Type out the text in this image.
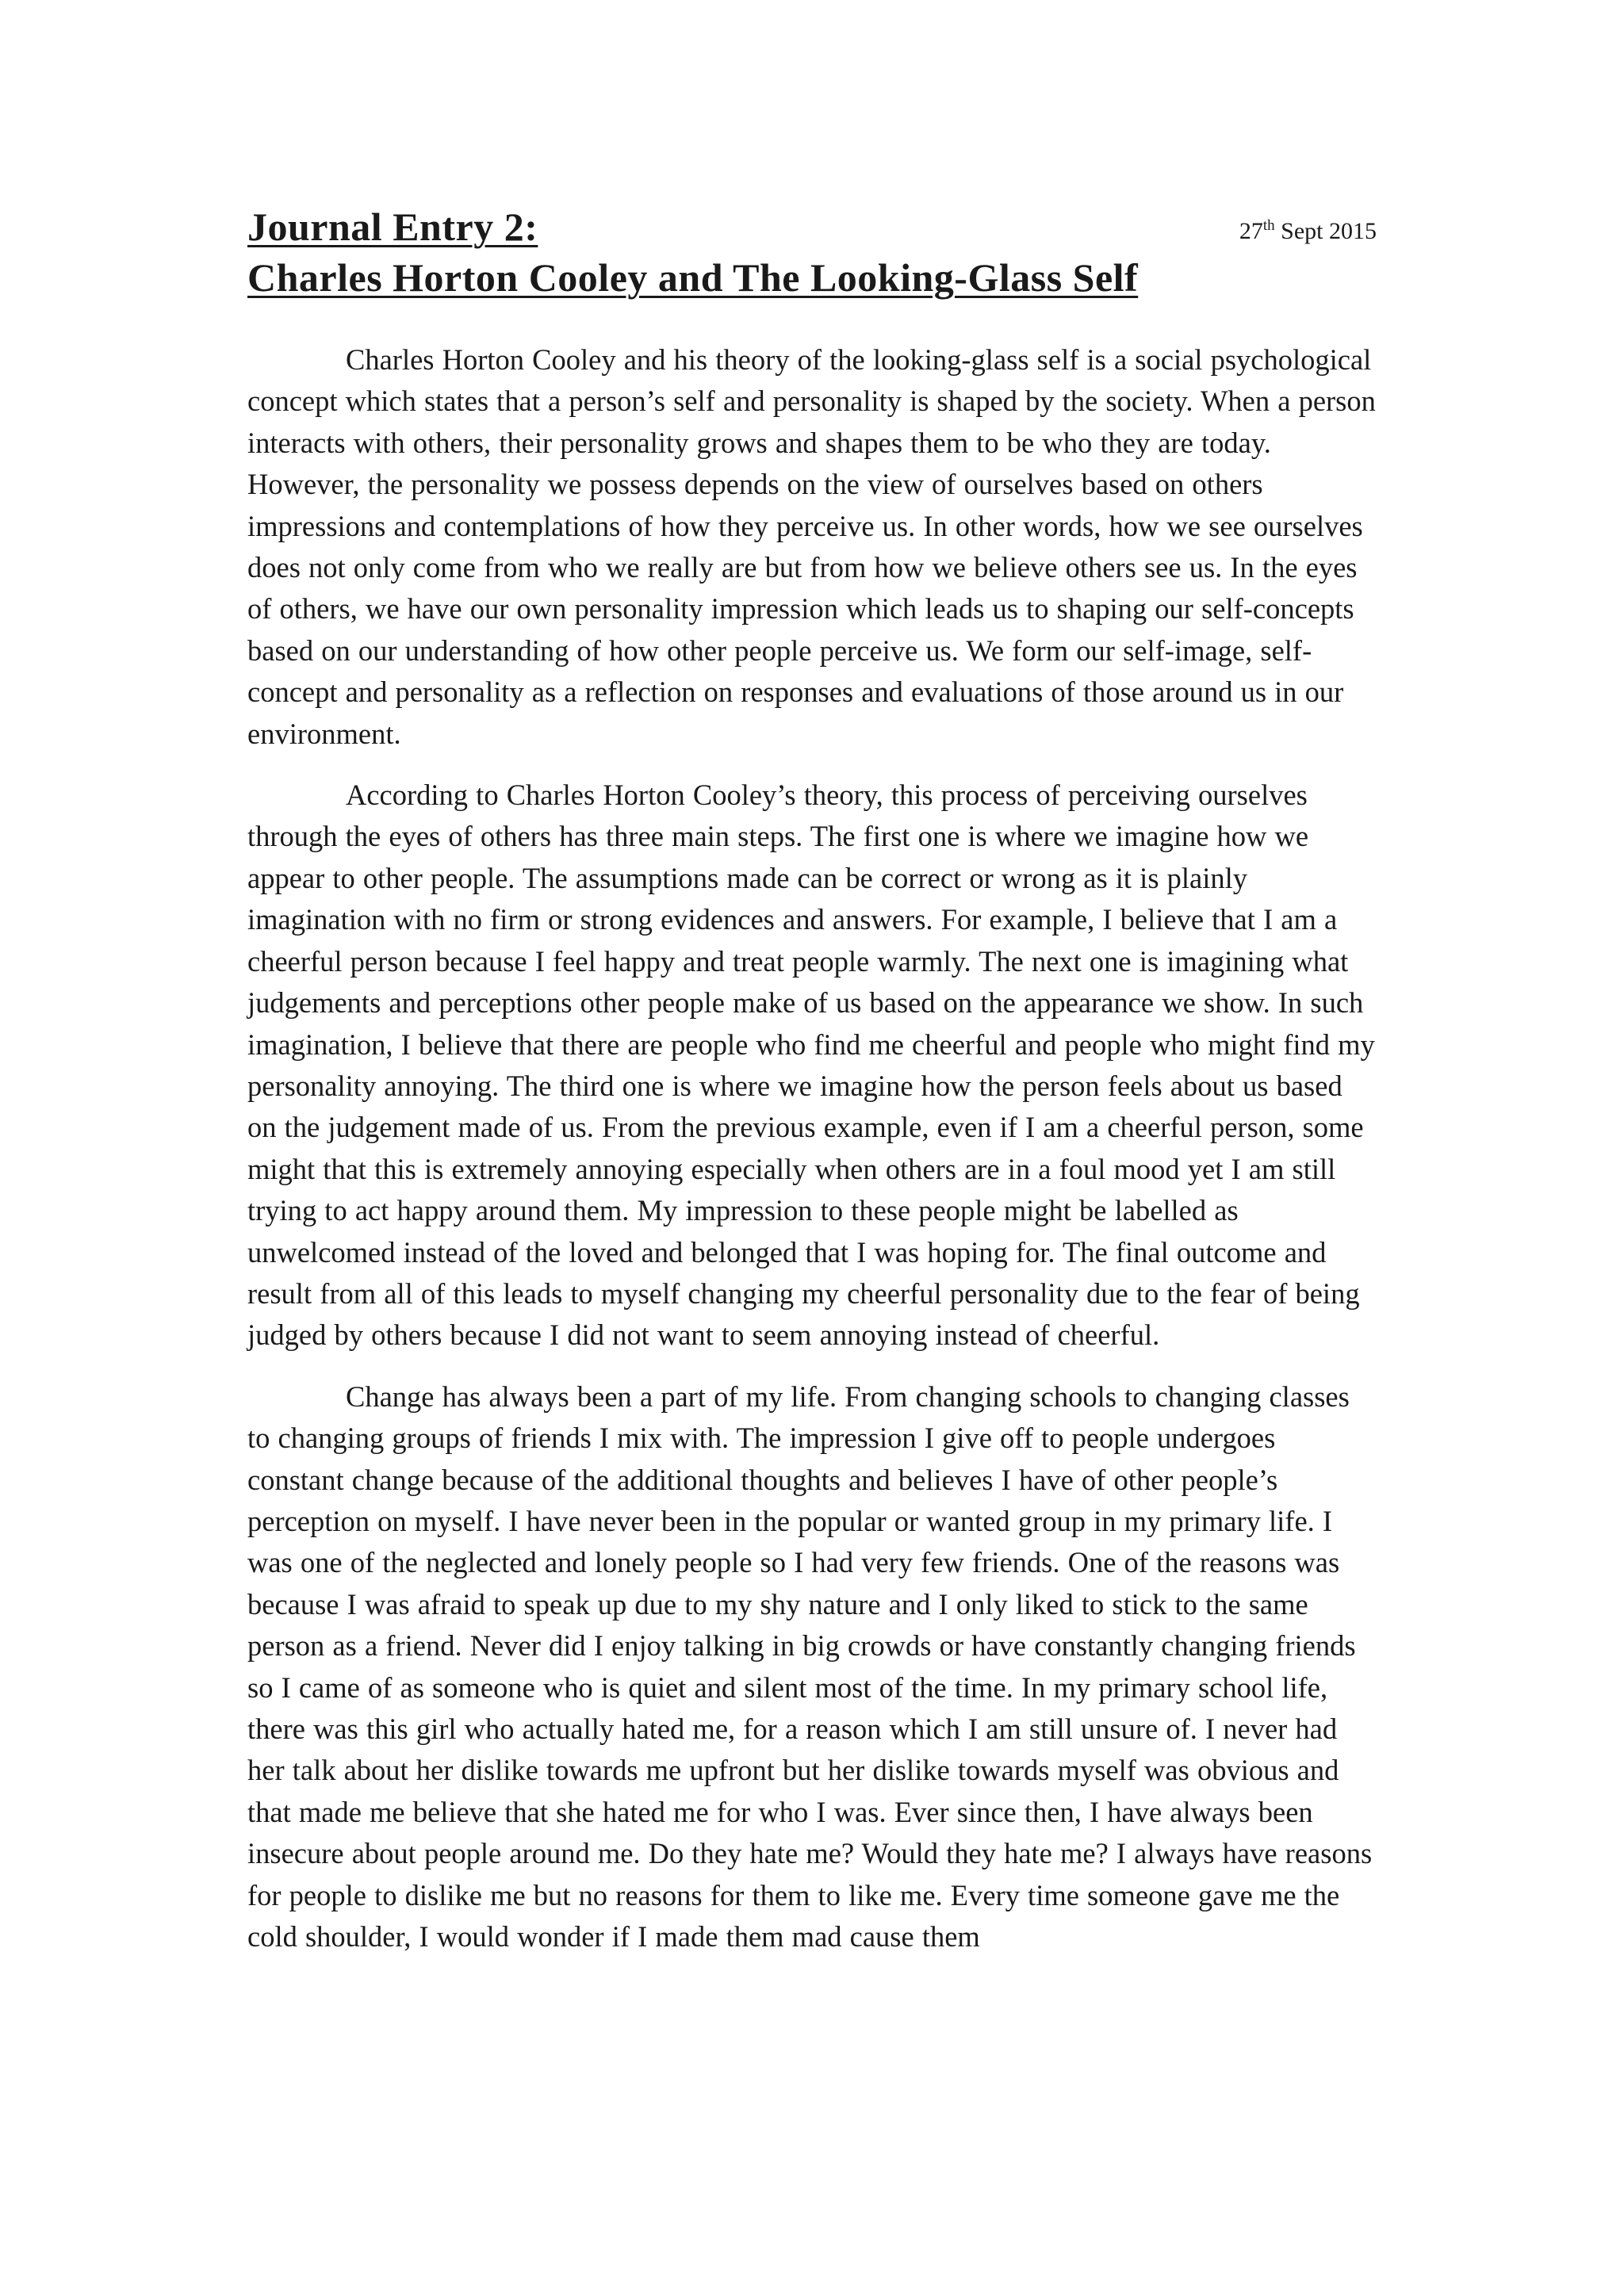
Journal Entry 2:
Charles Horton Cooley and The Looking-Glass Self
27th Sept 2015

Charles Horton Cooley and his theory of the looking-glass self is a social psychological concept which states that a person’s self and personality is shaped by the society. When a person interacts with others, their personality grows and shapes them to be who they are today. However, the personality we possess depends on the view of ourselves based on others impressions and contemplations of how they perceive us. In other words, how we see ourselves does not only come from who we really are but from how we believe others see us. In the eyes of others, we have our own personality impression which leads us to shaping our self-concepts based on our understanding of how other people perceive us. We form our self-image, self-concept and personality as a reflection on responses and evaluations of those around us in our environment.

According to Charles Horton Cooley’s theory, this process of perceiving ourselves through the eyes of others has three main steps. The first one is where we imagine how we appear to other people. The assumptions made can be correct or wrong as it is plainly imagination with no firm or strong evidences and answers. For example, I believe that I am a cheerful person because I feel happy and treat people warmly. The next one is imagining what judgements and perceptions other people make of us based on the appearance we show. In such imagination, I believe that there are people who find me cheerful and people who might find my personality annoying. The third one is where we imagine how the person feels about us based on the judgement made of us. From the previous example, even if I am a cheerful person, some might that this is extremely annoying especially when others are in a foul mood yet I am still trying to act happy around them. My impression to these people might be labelled as unwelcomed instead of the loved and belonged that I was hoping for. The final outcome and result from all of this leads to myself changing my cheerful personality due to the fear of being judged by others because I did not want to seem annoying instead of cheerful.

Change has always been a part of my life. From changing schools to changing classes to changing groups of friends I mix with. The impression I give off to people undergoes constant change because of the additional thoughts and believes I have of other people’s perception on myself. I have never been in the popular or wanted group in my primary life. I was one of the neglected and lonely people so I had very few friends. One of the reasons was because I was afraid to speak up due to my shy nature and I only liked to stick to the same person as a friend. Never did I enjoy talking in big crowds or have constantly changing friends so I came of as someone who is quiet and silent most of the time. In my primary school life, there was this girl who actually hated me, for a reason which I am still unsure of. I never had her talk about her dislike towards me upfront but her dislike towards myself was obvious and that made me believe that she hated me for who I was. Ever since then, I have always been insecure about people around me. Do they hate me? Would they hate me? I always have reasons for people to dislike me but no reasons for them to like me. Every time someone gave me the cold shoulder, I would wonder if I made them mad cause them
